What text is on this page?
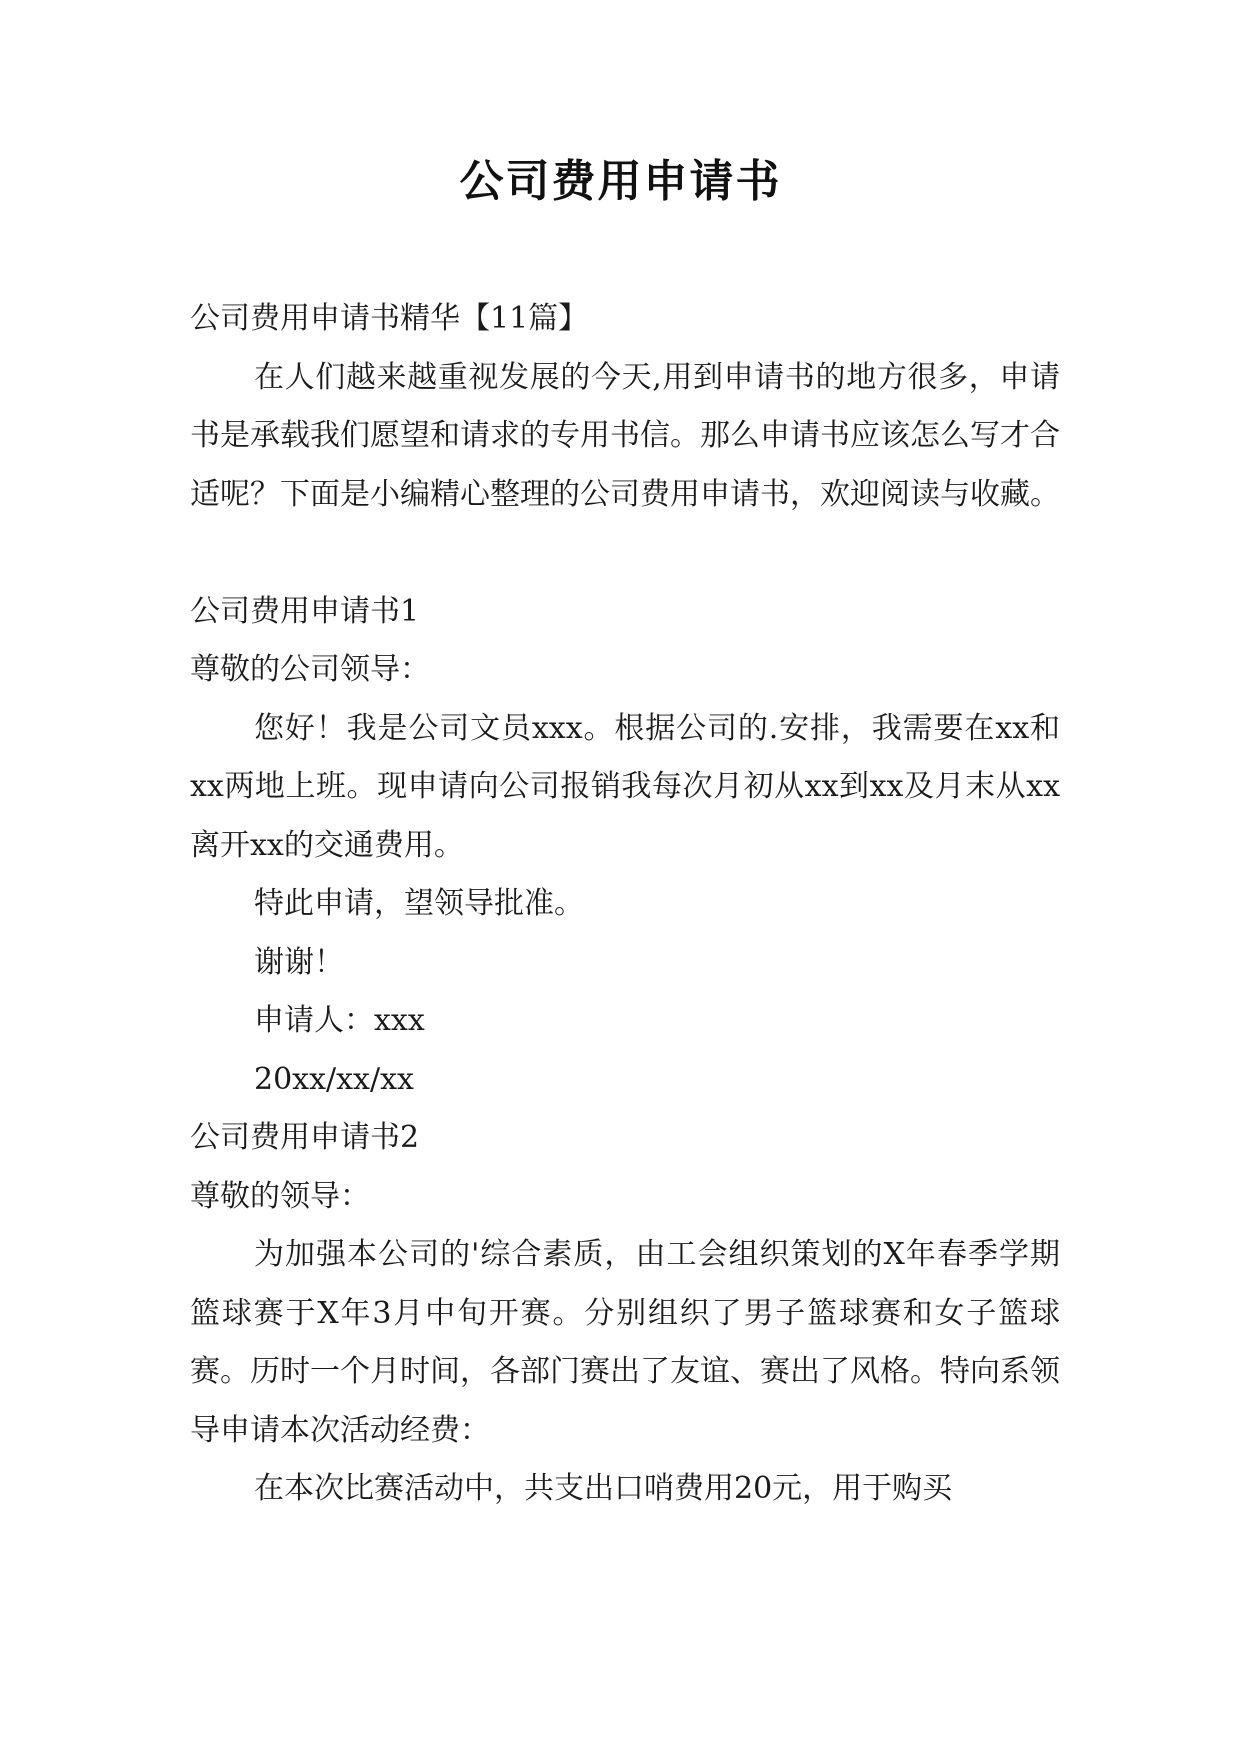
公司费用申请书

公司费用申请书精华【11篇】

在人们越来越重视发展的今天,用到申请书的地方很多，申请书是承载我们愿望和请求的专用书信。那么申请书应该怎么写才合适呢？下面是小编精心整理的公司费用申请书，欢迎阅读与收藏。

公司费用申请书1

尊敬的公司领导：

您好！我是公司文员xxx。根据公司的.安排，我需要在xx和xx两地上班。现申请向公司报销我每次月初从xx到xx及月末从xx离开xx的交通费用。

特此申请，望领导批准。

谢谢！

申请人：xxx

20xx/xx/xx

公司费用申请书2

尊敬的领导：

为加强本公司的'综合素质，由工会组织策划的X年春季学期篮球赛于X年3月中旬开赛。分别组织了男子篮球赛和女子篮球赛。历时一个月时间，各部门赛出了友谊、赛出了风格。特向系领导申请本次活动经费：

在本次比赛活动中，共支出口哨费用20元，用于购买
